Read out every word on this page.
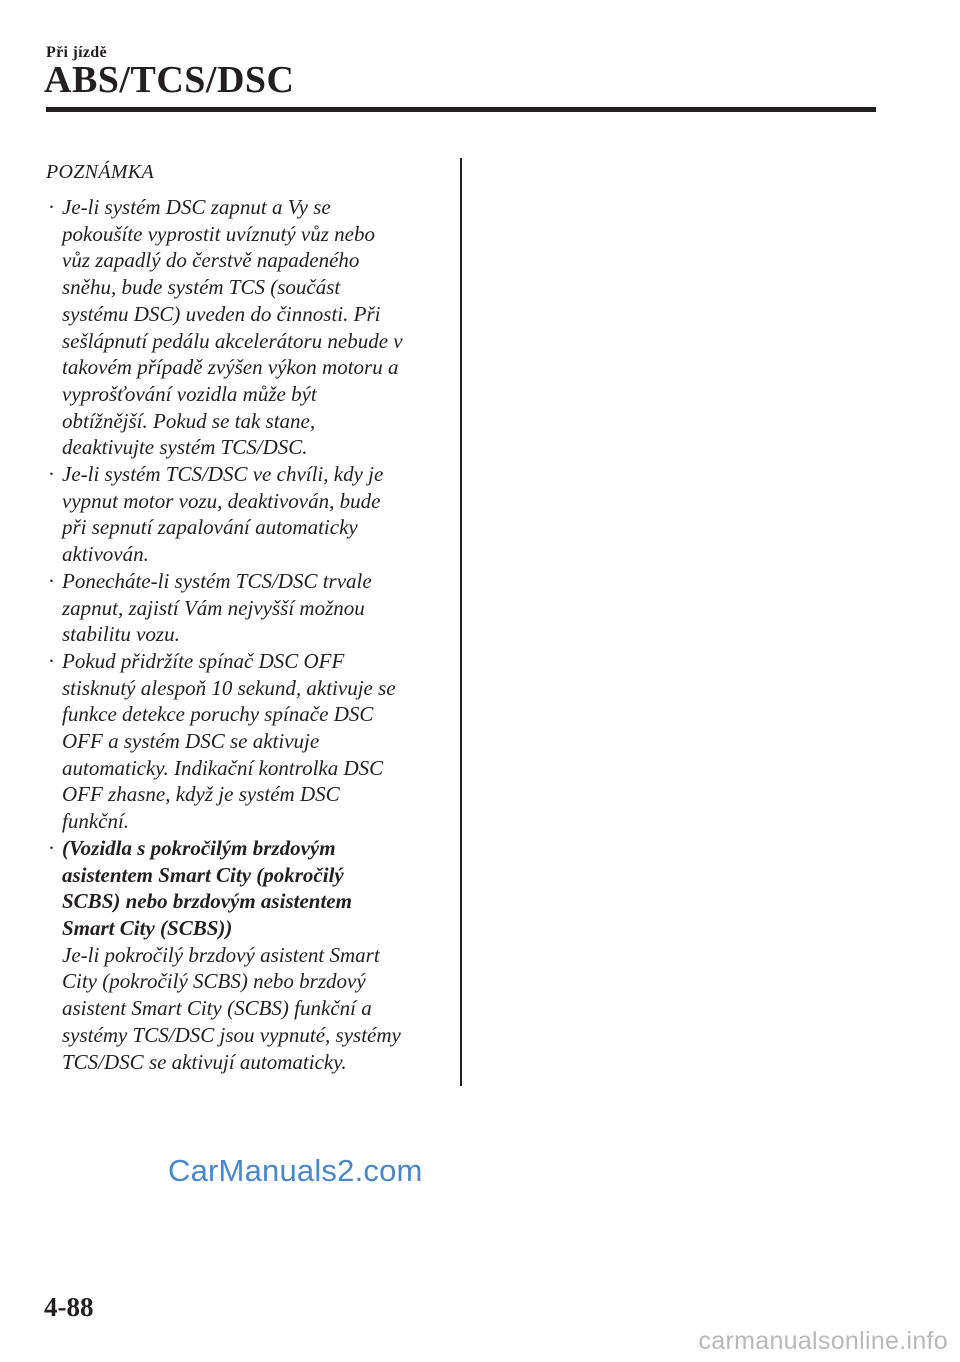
Při jízdě
ABS/TCS/DSC

POZNÁMKA

· Je-li systém DSC zapnut a Vy se
pokoušíte vyprostit uvíznutý vůz nebo
vůz zapadlý do čerstvě napadeného
sněhu, bude systém TCS (součást
systému DSC) uveden do činnosti. Při
sešlápnutí pedálu akcelerátoru nebude v
takovém případě zvýšen výkon motoru a
vyprošťování vozidla může být
obtížnější. Pokud se tak stane,
deaktivujte systém TCS/DSC.
· Je-li systém TCS/DSC ve chvíli, kdy je
vypnut motor vozu, deaktivován, bude
při sepnutí zapalování automaticky
aktivován.
· Ponecháte-li systém TCS/DSC trvale
zapnut, zajistí Vám nejvyšší možnou
stabilitu vozu.
· Pokud přidržíte spínač DSC OFF
stisknutý alespoň 10 sekund, aktivuje se
funkce detekce poruchy spínače DSC
OFF a systém DSC se aktivuje
automaticky. Indikační kontrolka DSC
OFF zhasne, když je systém DSC
funkční.
· (Vozidla s pokročilým brzdovým
asistentem Smart City (pokročilý
SCBS) nebo brzdovým asistentem
Smart City (SCBS))
Je-li pokročilý brzdový asistent Smart
City (pokročilý SCBS) nebo brzdový
asistent Smart City (SCBS) funkční a
systémy TCS/DSC jsou vypnuté, systémy
TCS/DSC se aktivují automaticky.
CarManuals2.com
4-88
carmanualsonline.info
